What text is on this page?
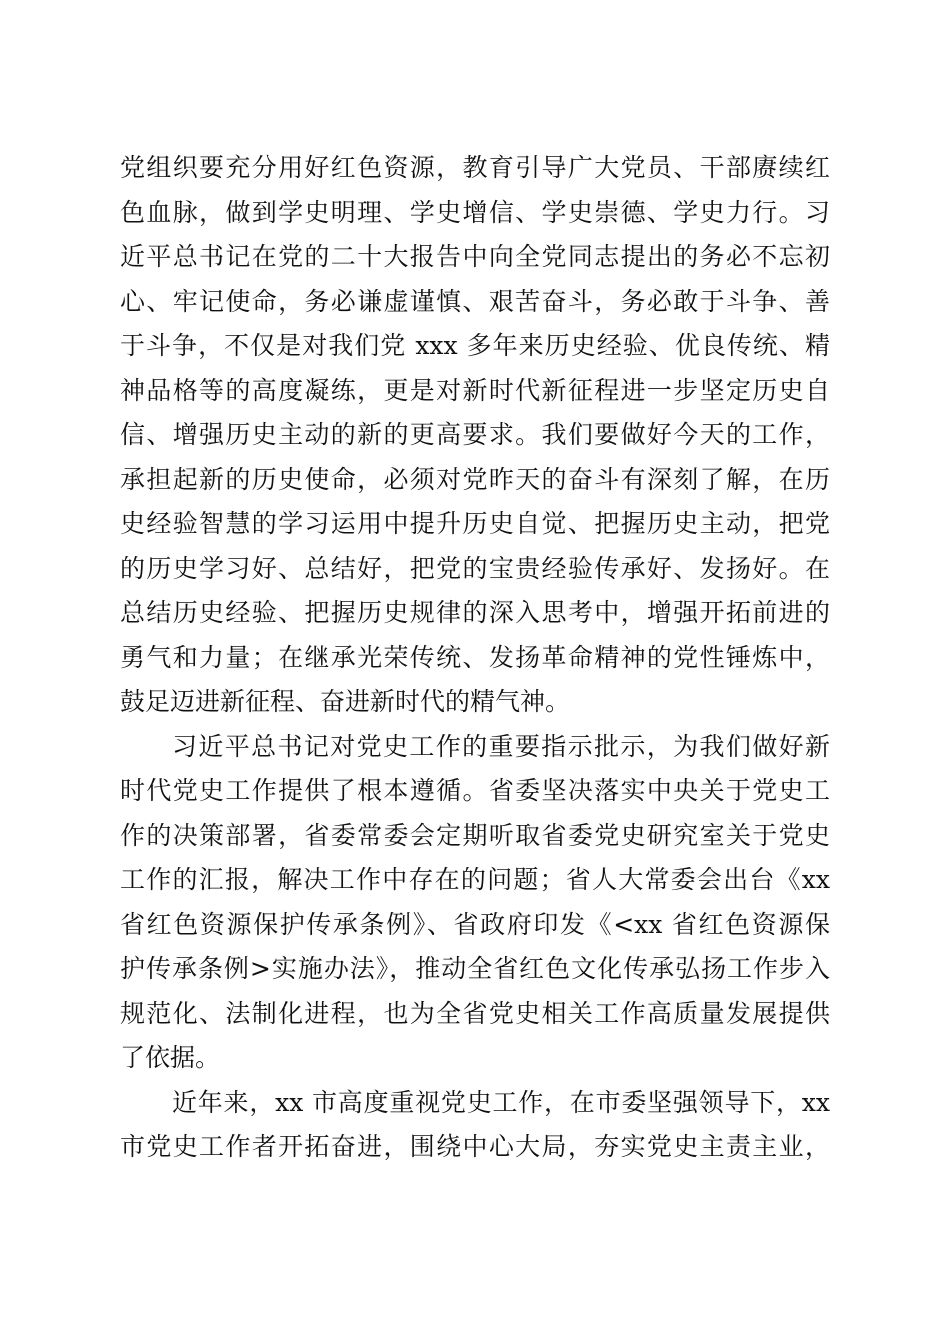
党组织要充分用好红色资源，教育引导广大党员、干部赓续红
色血脉，做到学史明理、学史增信、学史崇德、学史力行。习
近平总书记在党的二十大报告中向全党同志提出的务必不忘初
心、牢记使命，务必谦虚谨慎、艰苦奋斗，务必敢于斗争、善
于斗争，不仅是对我们党 xxx 多年来历史经验、优良传统、精
神品格等的高度凝练，更是对新时代新征程进一步坚定历史自
信、增强历史主动的新的更高要求。我们要做好今天的工作，
承担起新的历史使命，必须对党昨天的奋斗有深刻了解，在历
史经验智慧的学习运用中提升历史自觉、把握历史主动，把党
的历史学习好、总结好，把党的宝贵经验传承好、发扬好。在
总结历史经验、把握历史规律的深入思考中，增强开拓前进的
勇气和力量；在继承光荣传统、发扬革命精神的党性锤炼中，
鼓足迈进新征程、奋进新时代的精气神。
习近平总书记对党史工作的重要指示批示，为我们做好新
时代党史工作提供了根本遵循。省委坚决落实中央关于党史工
作的决策部署，省委常委会定期听取省委党史研究室关于党史
工作的汇报，解决工作中存在的问题；省人大常委会出台《xx
省红色资源保护传承条例》、省政府印发《<xx 省红色资源保
护传承条例>实施办法》，推动全省红色文化传承弘扬工作步入
规范化、法制化进程，也为全省党史相关工作高质量发展提供
了依据。
近年来，xx 市高度重视党史工作，在市委坚强领导下，xx
市党史工作者开拓奋进，围绕中心大局，夯实党史主责主业，
